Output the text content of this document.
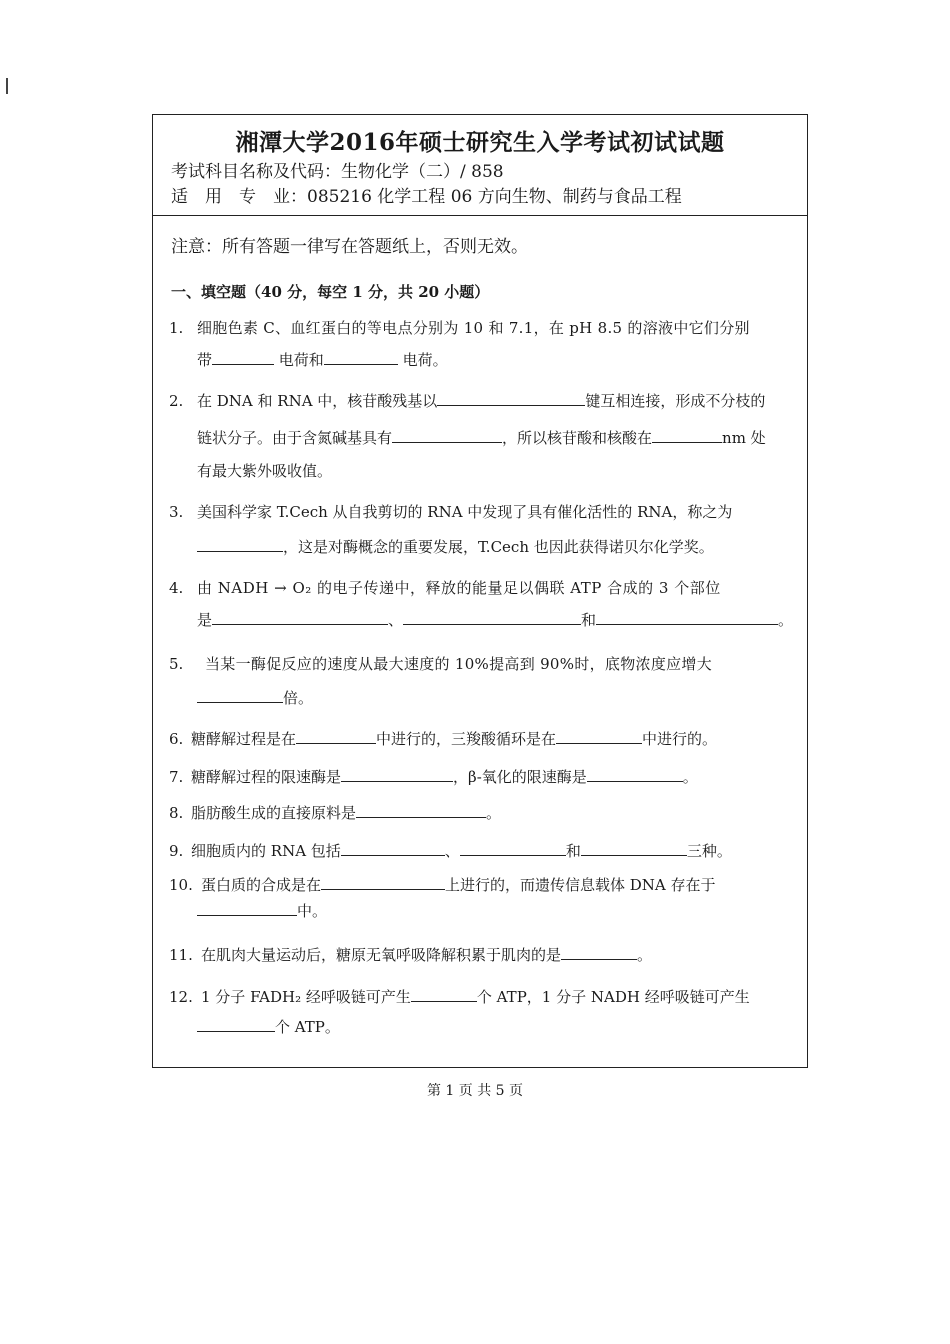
湘潭大学2016年硕士研究生入学考试初试试题
考试科目名称及代码：生物化学（二）/ 858
适　用　专　业：085216 化学工程 06 方向生物、制药与食品工程
注意：所有答题一律写在答题纸上，否则无效。
一、填空题（40 分，每空 1 分，共 20 小题）
1. 细胞色素 C、血红蛋白的等电点分别为 10 和 7.1，在 pH 8.5 的溶液中它们分别
带	电荷和	电荷。
2. 在 DNA 和 RNA 中，核苷酸残基以	键互相连接，形成不分枝的
链状分子。由于含氮碱基具有	，所以核苷酸和核酸在	nm 处
有最大紫外吸收值。
3. 美国科学家 T.Cech 从自我剪切的 RNA 中发现了具有催化活性的 RNA，称之为
，这是对酶概念的重要发展，T.Cech 也因此获得诺贝尔化学奖。
4. 由 NADH → O₂ 的电子传递中，释放的能量足以偶联 ATP 合成的 3 个部位
是	、	和	。
5. 当某一酶促反应的速度从最大速度的 10%提高到 90%时，底物浓度应增大
倍。
6. 糖酵解过程是在	中进行的，三羧酸循环是在	中进行的。
7. 糖酵解过程的限速酶是	，β-氧化的限速酶是	。
8. 脂肪酸生成的直接原料是	。
9. 细胞质内的 RNA 包括	、	和	三种。
10. 蛋白质的合成是在	上进行的，而遗传信息载体 DNA 存在于
中。
11. 在肌肉大量运动后，糖原无氧呼吸降解积累于肌肉的是	。
12. 1 分子 FADH₂ 经呼吸链可产生	个 ATP，1 分子 NADH 经呼吸链可产生
个 ATP。
第 1 页 共 5 页
